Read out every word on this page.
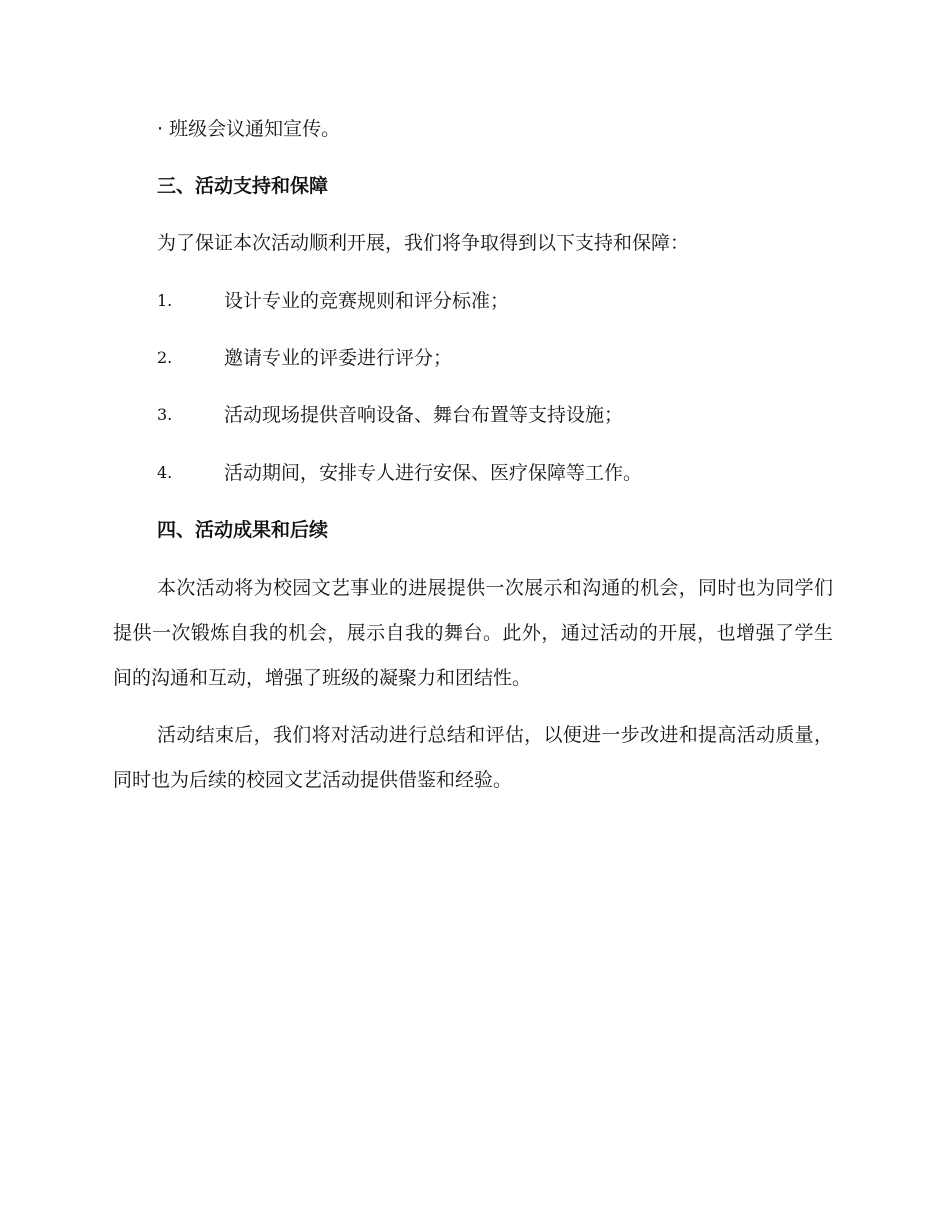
· 班级会议通知宣传。
三、活动支持和保障
为了保证本次活动顺利开展，我们将争取得到以下支持和保障：
1.	设计专业的竞赛规则和评分标准；
2.	邀请专业的评委进行评分；
3.	活动现场提供音响设备、舞台布置等支持设施；
4.	活动期间，安排专人进行安保、医疗保障等工作。
四、活动成果和后续

本次活动将为校园文艺事业的进展提供一次展示和沟通的机会，同时也为同学们提供一次锻炼自我的机会，展示自我的舞台。此外，通过活动的开展，也增强了学生间的沟通和互动，增强了班级的凝聚力和团结性。

活动结束后，我们将对活动进行总结和评估，以便进一步改进和提高活动质量，同时也为后续的校园文艺活动提供借鉴和经验。
